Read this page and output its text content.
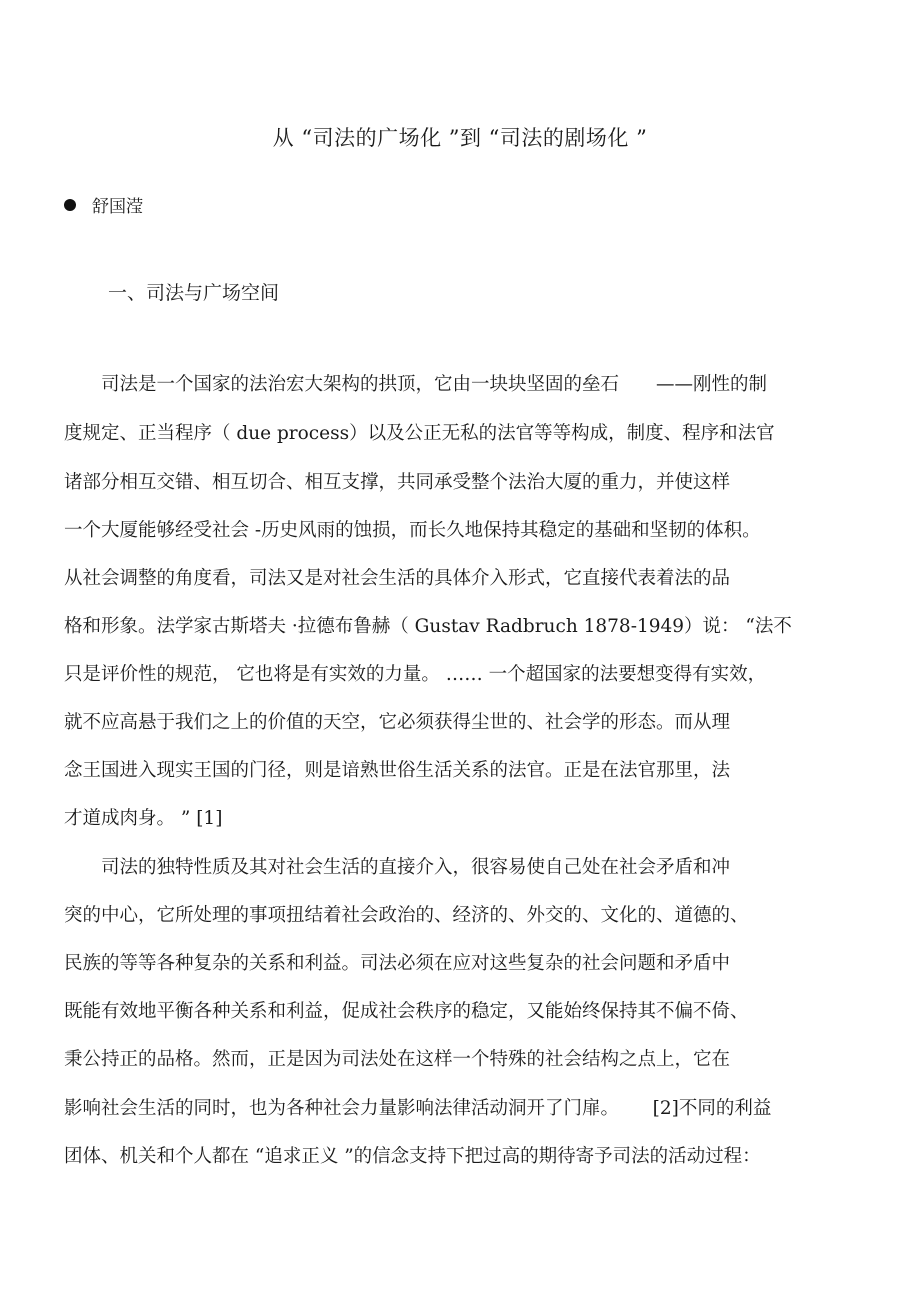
从 “司法的广场化 ”到 “司法的剧场化 ”
舒国滢
一、司法与广场空间
　　司法是一个国家的法治宏大架构的拱顶，它由一块块坚固的垒石　　——刚性的制
度规定、正当程序（ due process）以及公正无私的法官等等构成，制度、程序和法官
诸部分相互交错、相互切合、相互支撑，共同承受整个法治大厦的重力，并使这样
一个大厦能够经受社会 -历史风雨的蚀损，而长久地保持其稳定的基础和坚韧的体积。
从社会调整的角度看，司法又是对社会生活的具体介入形式，它直接代表着法的品
格和形象。法学家古斯塔夫 ·拉德布鲁赫（ Gustav Radbruch 1878-1949）说： “法不
只是评价性的规范， 它也将是有实效的力量。 …… 一个超国家的法要想变得有实效，
就不应高悬于我们之上的价值的天空，它必须获得尘世的、社会学的形态。而从理
念王国进入现实王国的门径，则是谙熟世俗生活关系的法官。正是在法官那里，法
才道成肉身。 ” [1]
　　司法的独特性质及其对社会生活的直接介入，很容易使自己处在社会矛盾和冲
突的中心，它所处理的事项扭结着社会政治的、经济的、外交的、文化的、道德的、
民族的等等各种复杂的关系和利益。司法必须在应对这些复杂的社会问题和矛盾中
既能有效地平衡各种关系和利益，促成社会秩序的稳定，又能始终保持其不偏不倚、
秉公持正的品格。然而，正是因为司法处在这样一个特殊的社会结构之点上，它在
影响社会生活的同时，也为各种社会力量影响法律活动洞开了门扉。　　 [2]不同的利益
团体、机关和个人都在 “追求正义 ”的信念支持下把过高的期待寄予司法的活动过程：
